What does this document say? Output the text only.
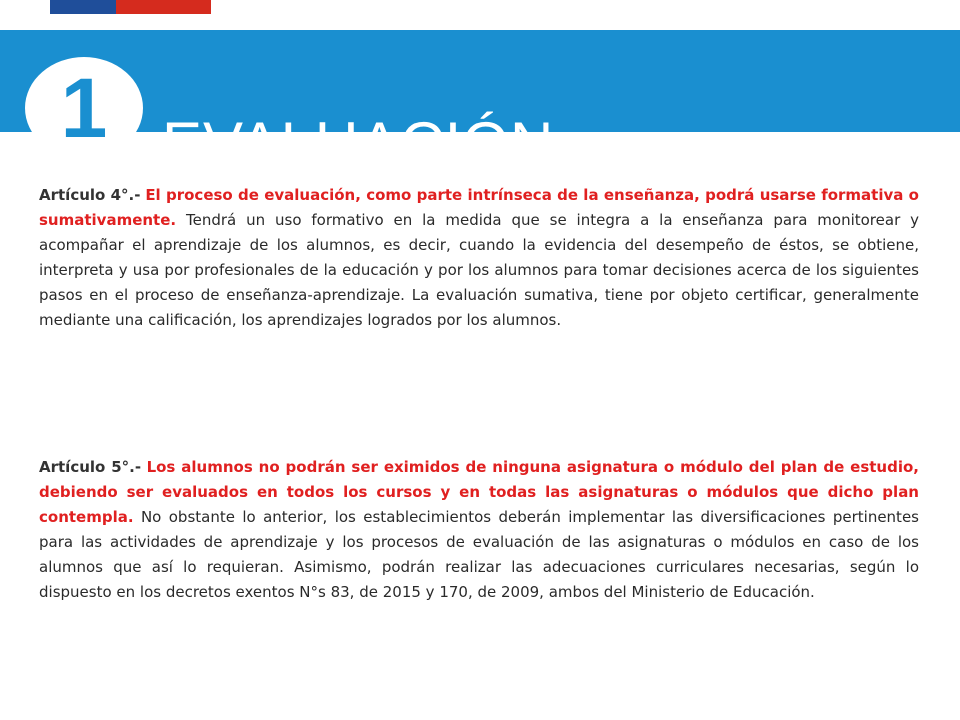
1 EVALUACIÓN

Artículo 4°.- El proceso de evaluación, como parte intrínseca de la enseñanza, podrá usarse formativa o sumativamente. Tendrá un uso formativo en la medida que se integra a la enseñanza para monitorear y acompañar el aprendizaje de los alumnos, es decir, cuando la evidencia del desempeño de éstos, se obtiene, interpreta y usa por profesionales de la educación y por los alumnos para tomar decisiones acerca de los siguientes pasos en el proceso de enseñanza-aprendizaje. La evaluación sumativa, tiene por objeto certificar, generalmente mediante una calificación, los aprendizajes logrados por los alumnos.

Artículo 5°.- Los alumnos no podrán ser eximidos de ninguna asignatura o módulo del plan de estudio, debiendo ser evaluados en todos los cursos y en todas las asignaturas o módulos que dicho plan contempla. No obstante lo anterior, los establecimientos deberán implementar las diversificaciones pertinentes para las actividades de aprendizaje y los procesos de evaluación de las asignaturas o módulos en caso de los alumnos que así lo requieran. Asimismo, podrán realizar las adecuaciones curriculares necesarias, según lo dispuesto en los decretos exentos N°s 83, de 2015 y 170, de 2009, ambos del Ministerio de Educación.
